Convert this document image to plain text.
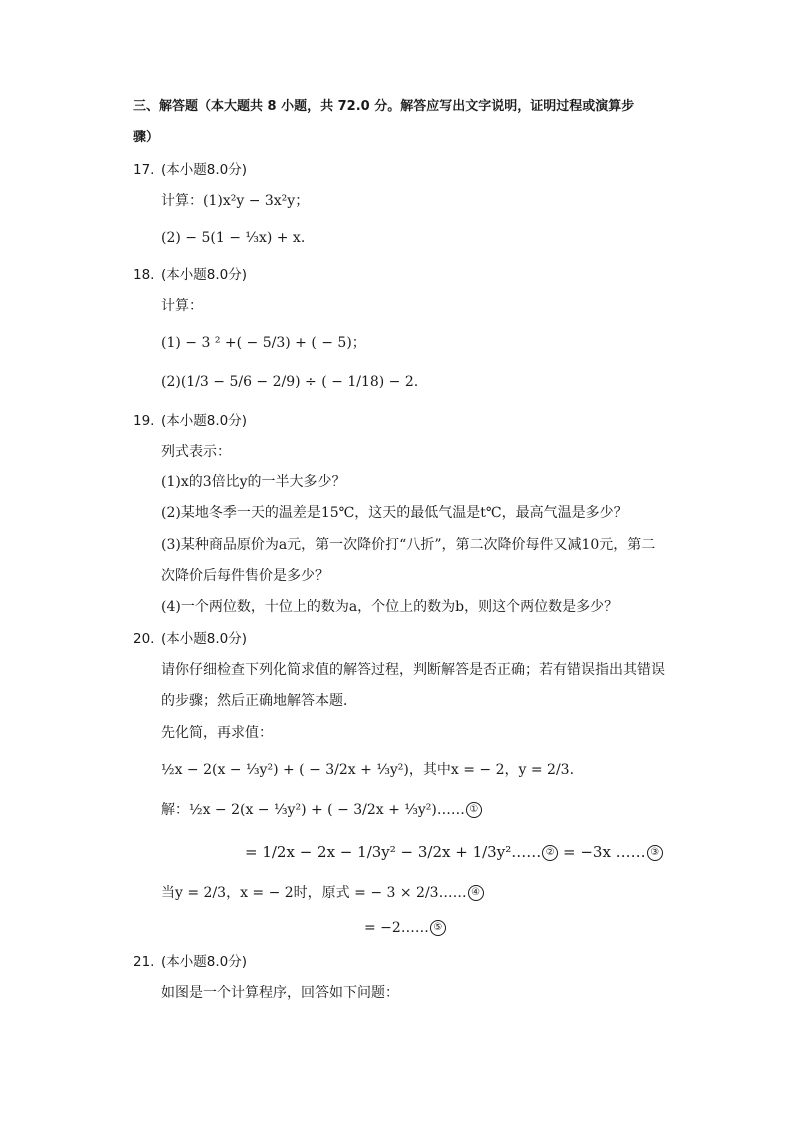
三、解答题（本大题共 8 小题，共 72.0 分。解答应写出文字说明，证明过程或演算步
骤）
17. (本小题8.0分)
计算：(1)x²y − 3x²y；
(2) − 5(1 − ⅓x) + x.
18. (本小题8.0分)
计算：
(1) − 3 ² +( − 5/3) + ( − 5)；
(2)(1/3 − 5/6 − 2/9) ÷ ( − 1/18) − 2.
19. (本小题8.0分)
列式表示：
(1)x的3倍比y的一半大多少？
(2)某地冬季一天的温差是15℃，这天的最低气温是t℃，最高气温是多少？
(3)某种商品原价为a元，第一次降价打“八折”，第二次降价每件又减10元，第二
次降价后每件售价是多少？
(4)一个两位数，十位上的数为a，个位上的数为b，则这个两位数是多少？
20. (本小题8.0分)
请你仔细检查下列化简求值的解答过程，判断解答是否正确；若有错误指出其错误
的步骤；然后正确地解答本题．
先化简，再求值：
½x − 2(x − ⅓y²) + ( − 3/2x + ⅓y²)，其中x = − 2，y = 2/3.
解：½x − 2(x − ⅓y²) + ( − 3/2x + ⅓y²)…… ①
= 1/2x − 2x − 1/3y² − 3/2x + 1/3y²…… ② = −3x …… ③
当y = 2/3，x = − 2时，原式 = − 3 × 2/3…… ④
= −2…… ⑤
21. (本小题8.0分)
如图是一个计算程序，回答如下问题：
